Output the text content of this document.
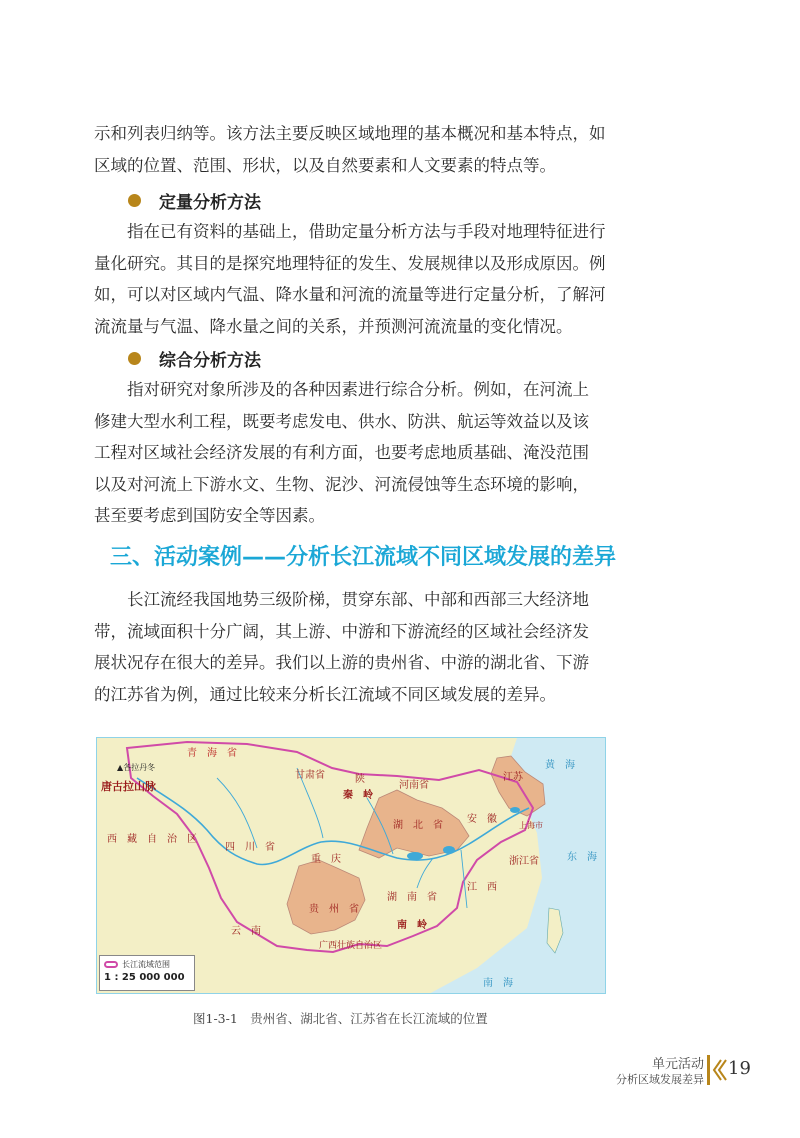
示和列表归纳等。该方法主要反映区域地理的基本概况和基本特点，如
区域的位置、范围、形状，以及自然要素和人文要素的特点等。
定量分析方法
　　指在已有资料的基础上，借助定量分析方法与手段对地理特征进行
量化研究。其目的是探究地理特征的发生、发展规律以及形成原因。例
如，可以对区域内气温、降水量和河流的流量等进行定量分析，了解河
流流量与气温、降水量之间的关系，并预测河流流量的变化情况。
综合分析方法
　　指对研究对象所涉及的各种因素进行综合分析。例如，在河流上
修建大型水利工程，既要考虑发电、供水、防洪、航运等效益以及该
工程对区域社会经济发展的有利方面，也要考虑地质基础、淹没范围
以及对河流上下游水文、生物、泥沙、河流侵蚀等生态环境的影响，
甚至要考虑到国防安全等因素。
三、活动案例——分析长江流域不同区域发展的差异
　　长江流经我国地势三级阶梯，贯穿东部、中部和西部三大经济地
带，流域面积十分广阔，其上游、中游和下游流经的区域社会经济发
展状况存在很大的差异。我们以上游的贵州省、中游的湖北省、下游
的江苏省为例，通过比较来分析长江流域不同区域发展的差异。
青　海　省
甘肃省	陕
秦　岭
河南省
江苏
唐古拉山脉
▲各拉丹冬
西　藏　自　治　区
四　川　省
重　庆
湖　北　省
安　徽
上海市
浙江省
黄　海
东　海
贵　州　省
湖　南　省
江　西
云　南
广西壮族自治区
南　岭
南　海
长江流域范围
1 : 25 000 000
图1-3-1　贵州省、湖北省、江苏省在长江流域的位置
单元活动
分析区域发展差异
19
